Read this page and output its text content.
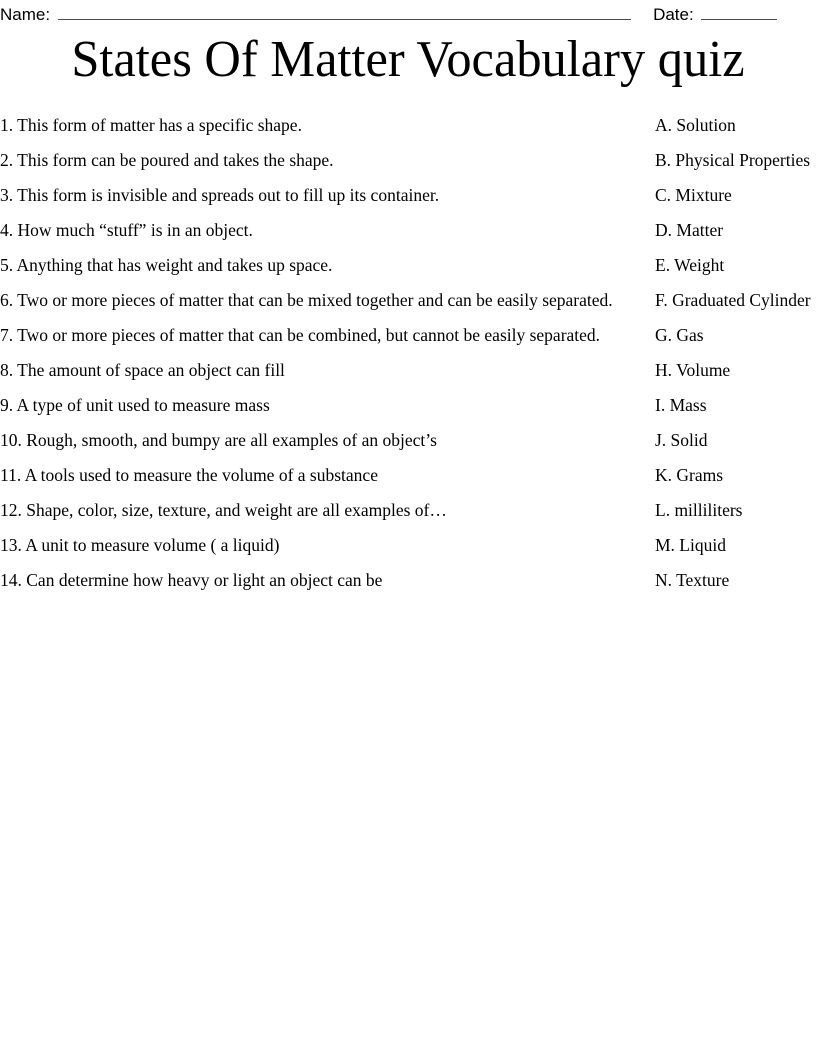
Name:	Date:
States Of Matter Vocabulary quiz
1. This form of matter has a specific shape.	A. Solution
2. This form can be poured and takes the shape.	B. Physical Properties
3. This form is invisible and spreads out to fill up its container.	C. Mixture
4. How much “stuff” is in an object.	D. Matter
5. Anything that has weight and takes up space.	E. Weight
6. Two or more pieces of matter that can be mixed together and can be easily separated.	F. Graduated Cylinder
7. Two or more pieces of matter that can be combined, but cannot be easily separated.	G. Gas
8. The amount of space an object can fill	H. Volume
9. A type of unit used to measure mass	I. Mass
10. Rough, smooth, and bumpy are all examples of an object’s	J. Solid
11. A tools used to measure the volume of a substance	K. Grams
12. Shape, color, size, texture, and weight are all examples of…	L. milliliters
13. A unit to measure volume ( a liquid)	M. Liquid
14. Can determine how heavy or light an object can be	N. Texture
